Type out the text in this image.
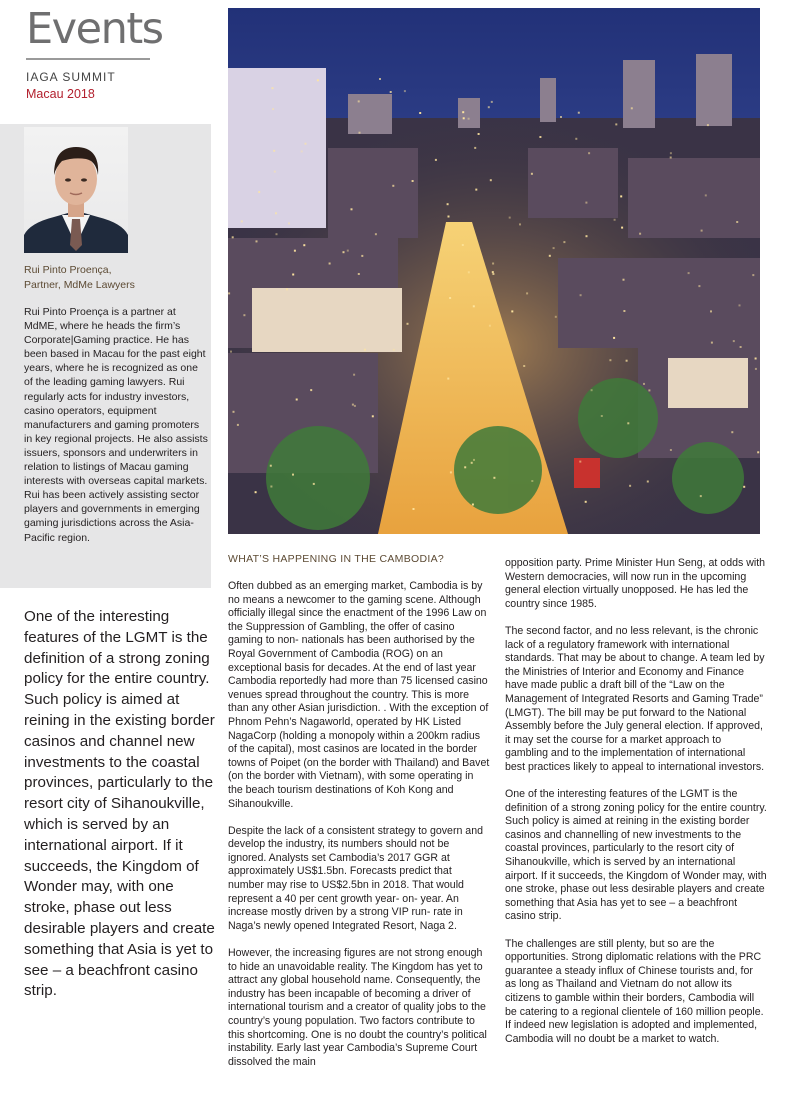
Events
IAGA SUMMIT
Macau 2018
Rui Pinto Proença,
Partner, MdMe Lawyers

Rui Pinto Proença is a partner at MdME, where he heads the firm’s Corporate|Gaming practice. He has been based in Macau for the past eight years, where he is recognized as one of the leading gaming lawyers. Rui regularly acts for industry investors, casino operators, equipment manufacturers and gaming promoters in key regional projects. He also assists issuers, sponsors and underwriters in relation to listings of Macau gaming interests with overseas capital markets. Rui has been actively assisting sector players and governments in emerging gaming jurisdictions across the Asia- Pacific region.

One of the interesting features of the LGMT is the definition of a strong zoning policy for the entire country. Such policy is aimed at reining in the existing border casinos and channel new investments to the coastal provinces, particularly to the resort city of Sihanoukville, which is served by an international airport. If it succeeds, the Kingdom of Wonder may, with one stroke, phase out less desirable players and create something that Asia is yet to see – a beachfront casino strip.

WHAT’S HAPPENING IN THE CAMBODIA?

Often dubbed as an emerging market, Cambodia is by no means a newcomer to the gaming scene. Although officially illegal since the enactment of the 1996 Law on the Suppression of Gambling, the offer of casino gaming to non- nationals has been authorised by the Royal Government of Cambodia (ROG) on an exceptional basis for decades. At the end of last year Cambodia reportedly had more than 75 licensed casino venues spread throughout the country. This is more than any other Asian jurisdiction. . With the exception of Phnom Pehn’s Nagaworld, operated by HK Listed NagaCorp (holding a monopoly within a 200km radius of the capital), most casinos are located in the border towns of Poipet (on the border with Thailand) and Bavet (on the border with Vietnam), with some operating in the beach tourism destinations of Koh Kong and Sihanoukville.

Despite the lack of a consistent strategy to govern and develop the industry, its numbers should not be ignored. Analysts set Cambodia’s 2017 GGR at approximately US$1.5bn. Forecasts predict that number may rise to US$2.5bn in 2018. That would represent a 40 per cent growth year- on- year. An increase mostly driven by a strong VIP run- rate in Naga’s newly opened Integrated Resort, Naga 2.

However, the increasing figures are not strong enough to hide an unavoidable reality. The Kingdom has yet to attract any global household name. Consequently, the industry has been incapable of becoming a driver of international tourism and a creator of quality jobs to the country’s young population. Two factors contribute to this shortcoming. One is no doubt the country’s political instability. Early last year Cambodia’s Supreme Court dissolved the main

opposition party. Prime Minister Hun Seng, at odds with Western democracies, will now run in the upcoming general election virtually unopposed. He has led the country since 1985.

The second factor, and no less relevant, is the chronic lack of a regulatory framework with international standards. That may be about to change. A team led by the Ministries of Interior and Economy and Finance have made public a draft bill of the “Law on the Management of Integrated Resorts and Gaming Trade” (LMGT). The bill may be put forward to the National Assembly before the July general election. If approved, it may set the course for a market approach to gambling and to the implementation of international best practices likely to appeal to international investors.

One of the interesting features of the LGMT is the definition of a strong zoning policy for the entire country. Such policy is aimed at reining in the existing border casinos and channelling of new investments to the coastal provinces, particularly to the resort city of Sihanoukville, which is served by an international airport. If it succeeds, the Kingdom of Wonder may, with one stroke, phase out less desirable players and create something that Asia has yet to see – a beachfront casino strip.

The challenges are still plenty, but so are the opportunities. Strong diplomatic relations with the PRC guarantee a steady influx of Chinese tourists and, for as long as Thailand and Vietnam do not allow its citizens to gamble within their borders, Cambodia will be catering to a regional clientele of 160 million people. If indeed new legislation is adopted and implemented, Cambodia will no doubt be a market to watch.
